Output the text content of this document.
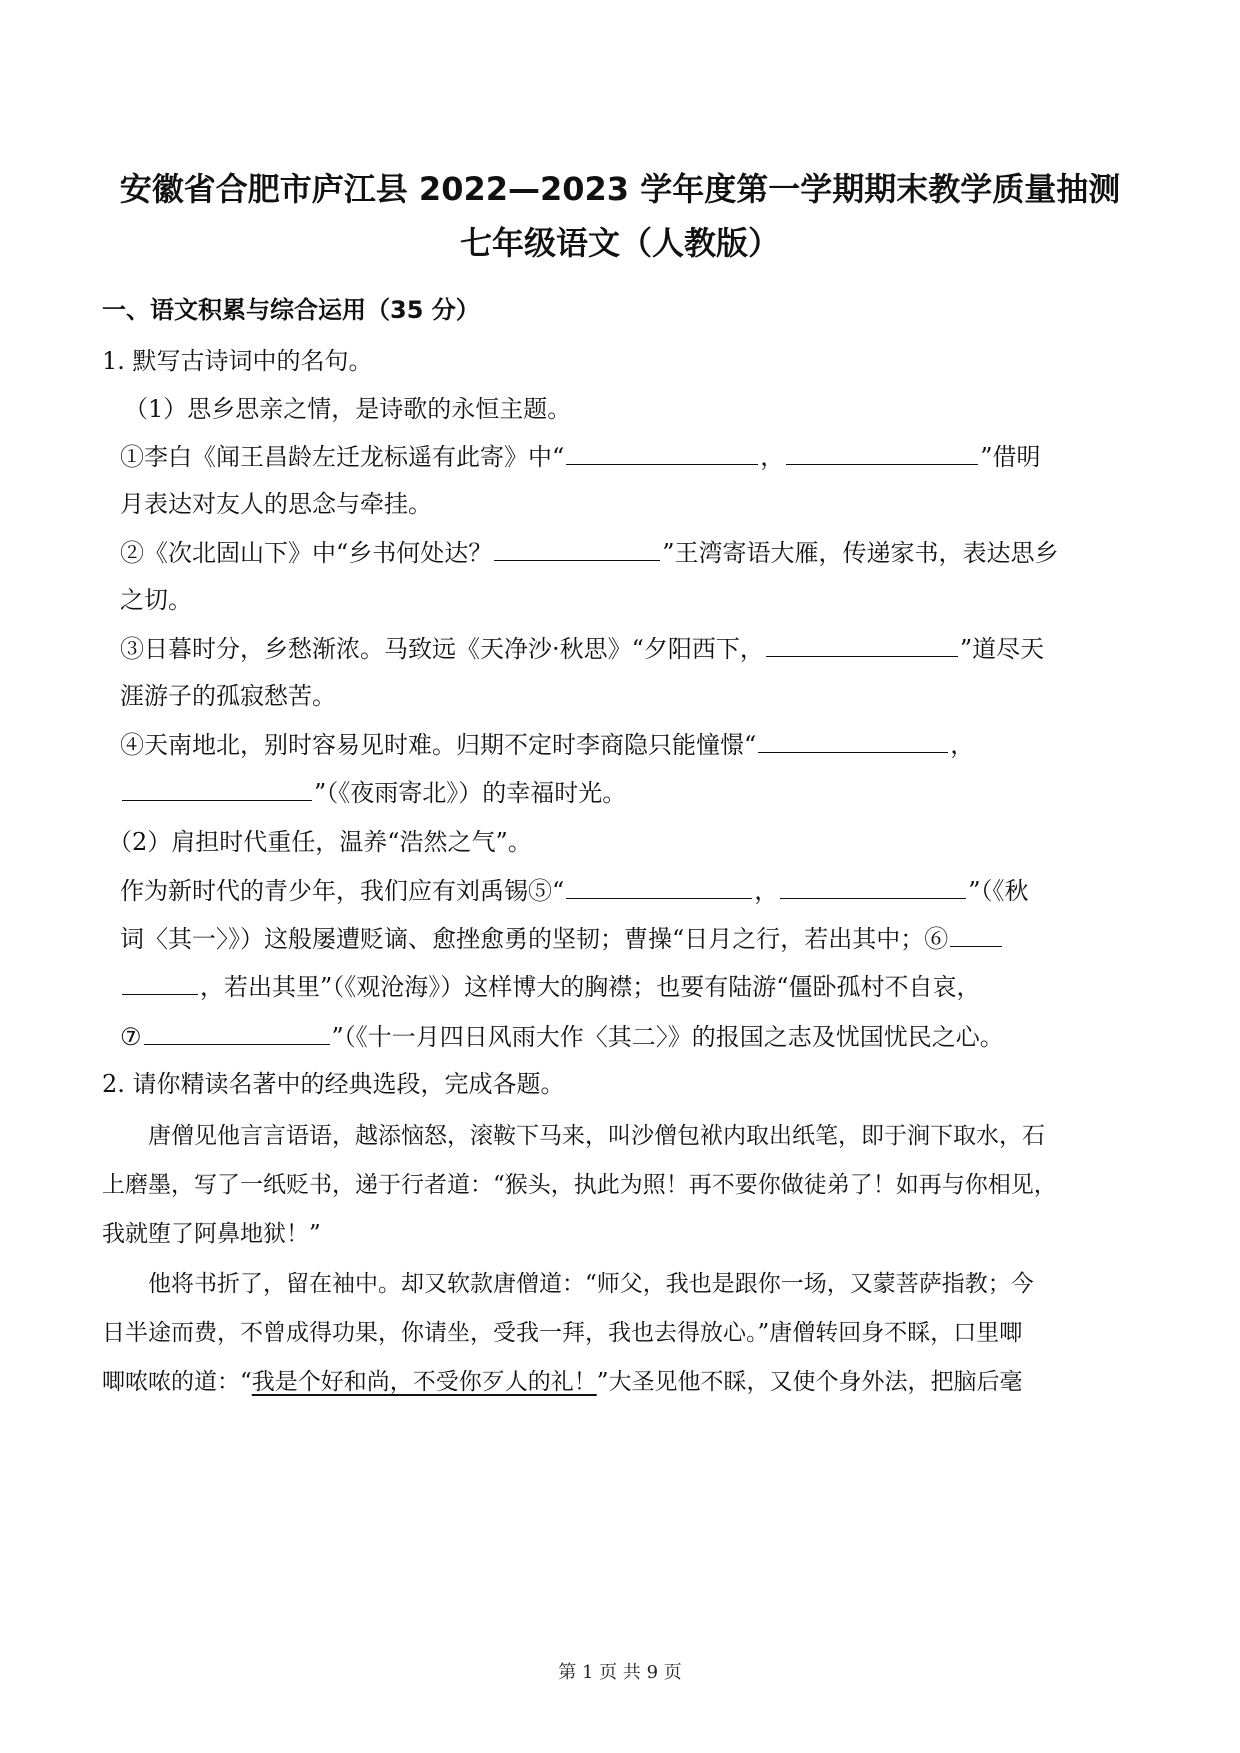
安徽省合肥市庐江县 2022—2023 学年度第一学期期末教学质量抽测
七年级语文（人教版）
一、语文积累与综合运用（35 分）
1. 默写古诗词中的名句。
（1）思乡思亲之情，是诗歌的永恒主题。
①李白《闻王昌龄左迁龙标遥有此寄》中“	，	”借明
月表达对友人的思念与牵挂。
②《次北固山下》中“乡书何处达？	”王湾寄语大雁，传递家书，表达思乡
之切。
③日暮时分，乡愁渐浓。马致远《天净沙·秋思》“夕阳西下，	”道尽天
涯游子的孤寂愁苦。
④天南地北，别时容易见时难。归期不定时李商隐只能憧憬“	，
”（《夜雨寄北》）的幸福时光。
（2）肩担时代重任，温养“浩然之气”。
作为新时代的青少年，我们应有刘禹锡⑤“	，	”（《秋
词〈其一〉》）这般屡遭贬谪、愈挫愈勇的坚韧；曹操“日月之行，若出其中；⑥
，若出其里”（《观沧海》）这样博大的胸襟；也要有陆游“僵卧孤村不自哀，
⑦	”（《十一月四日风雨大作〈其二〉》的报国之志及忧国忧民之心。
2. 请你精读名著中的经典选段，完成各题。
唐僧见他言言语语，越添恼怒，滚鞍下马来，叫沙僧包袱内取出纸笔，即于涧下取水，石
上磨墨，写了一纸贬书，递于行者道：“猴头，执此为照！再不要你做徒弟了！如再与你相见，
我就堕了阿鼻地狱！”
他将书折了，留在袖中。却又软款唐僧道：“师父，我也是跟你一场，又蒙菩萨指教；今
日半途而费，不曾成得功果，你请坐，受我一拜，我也去得放心。”唐僧转回身不睬，口里唧
唧哝哝的道：“我是个好和尚，不受你歹人的礼！”大圣见他不睬，又使个身外法，把脑后毫
第 1 页 共 9 页
